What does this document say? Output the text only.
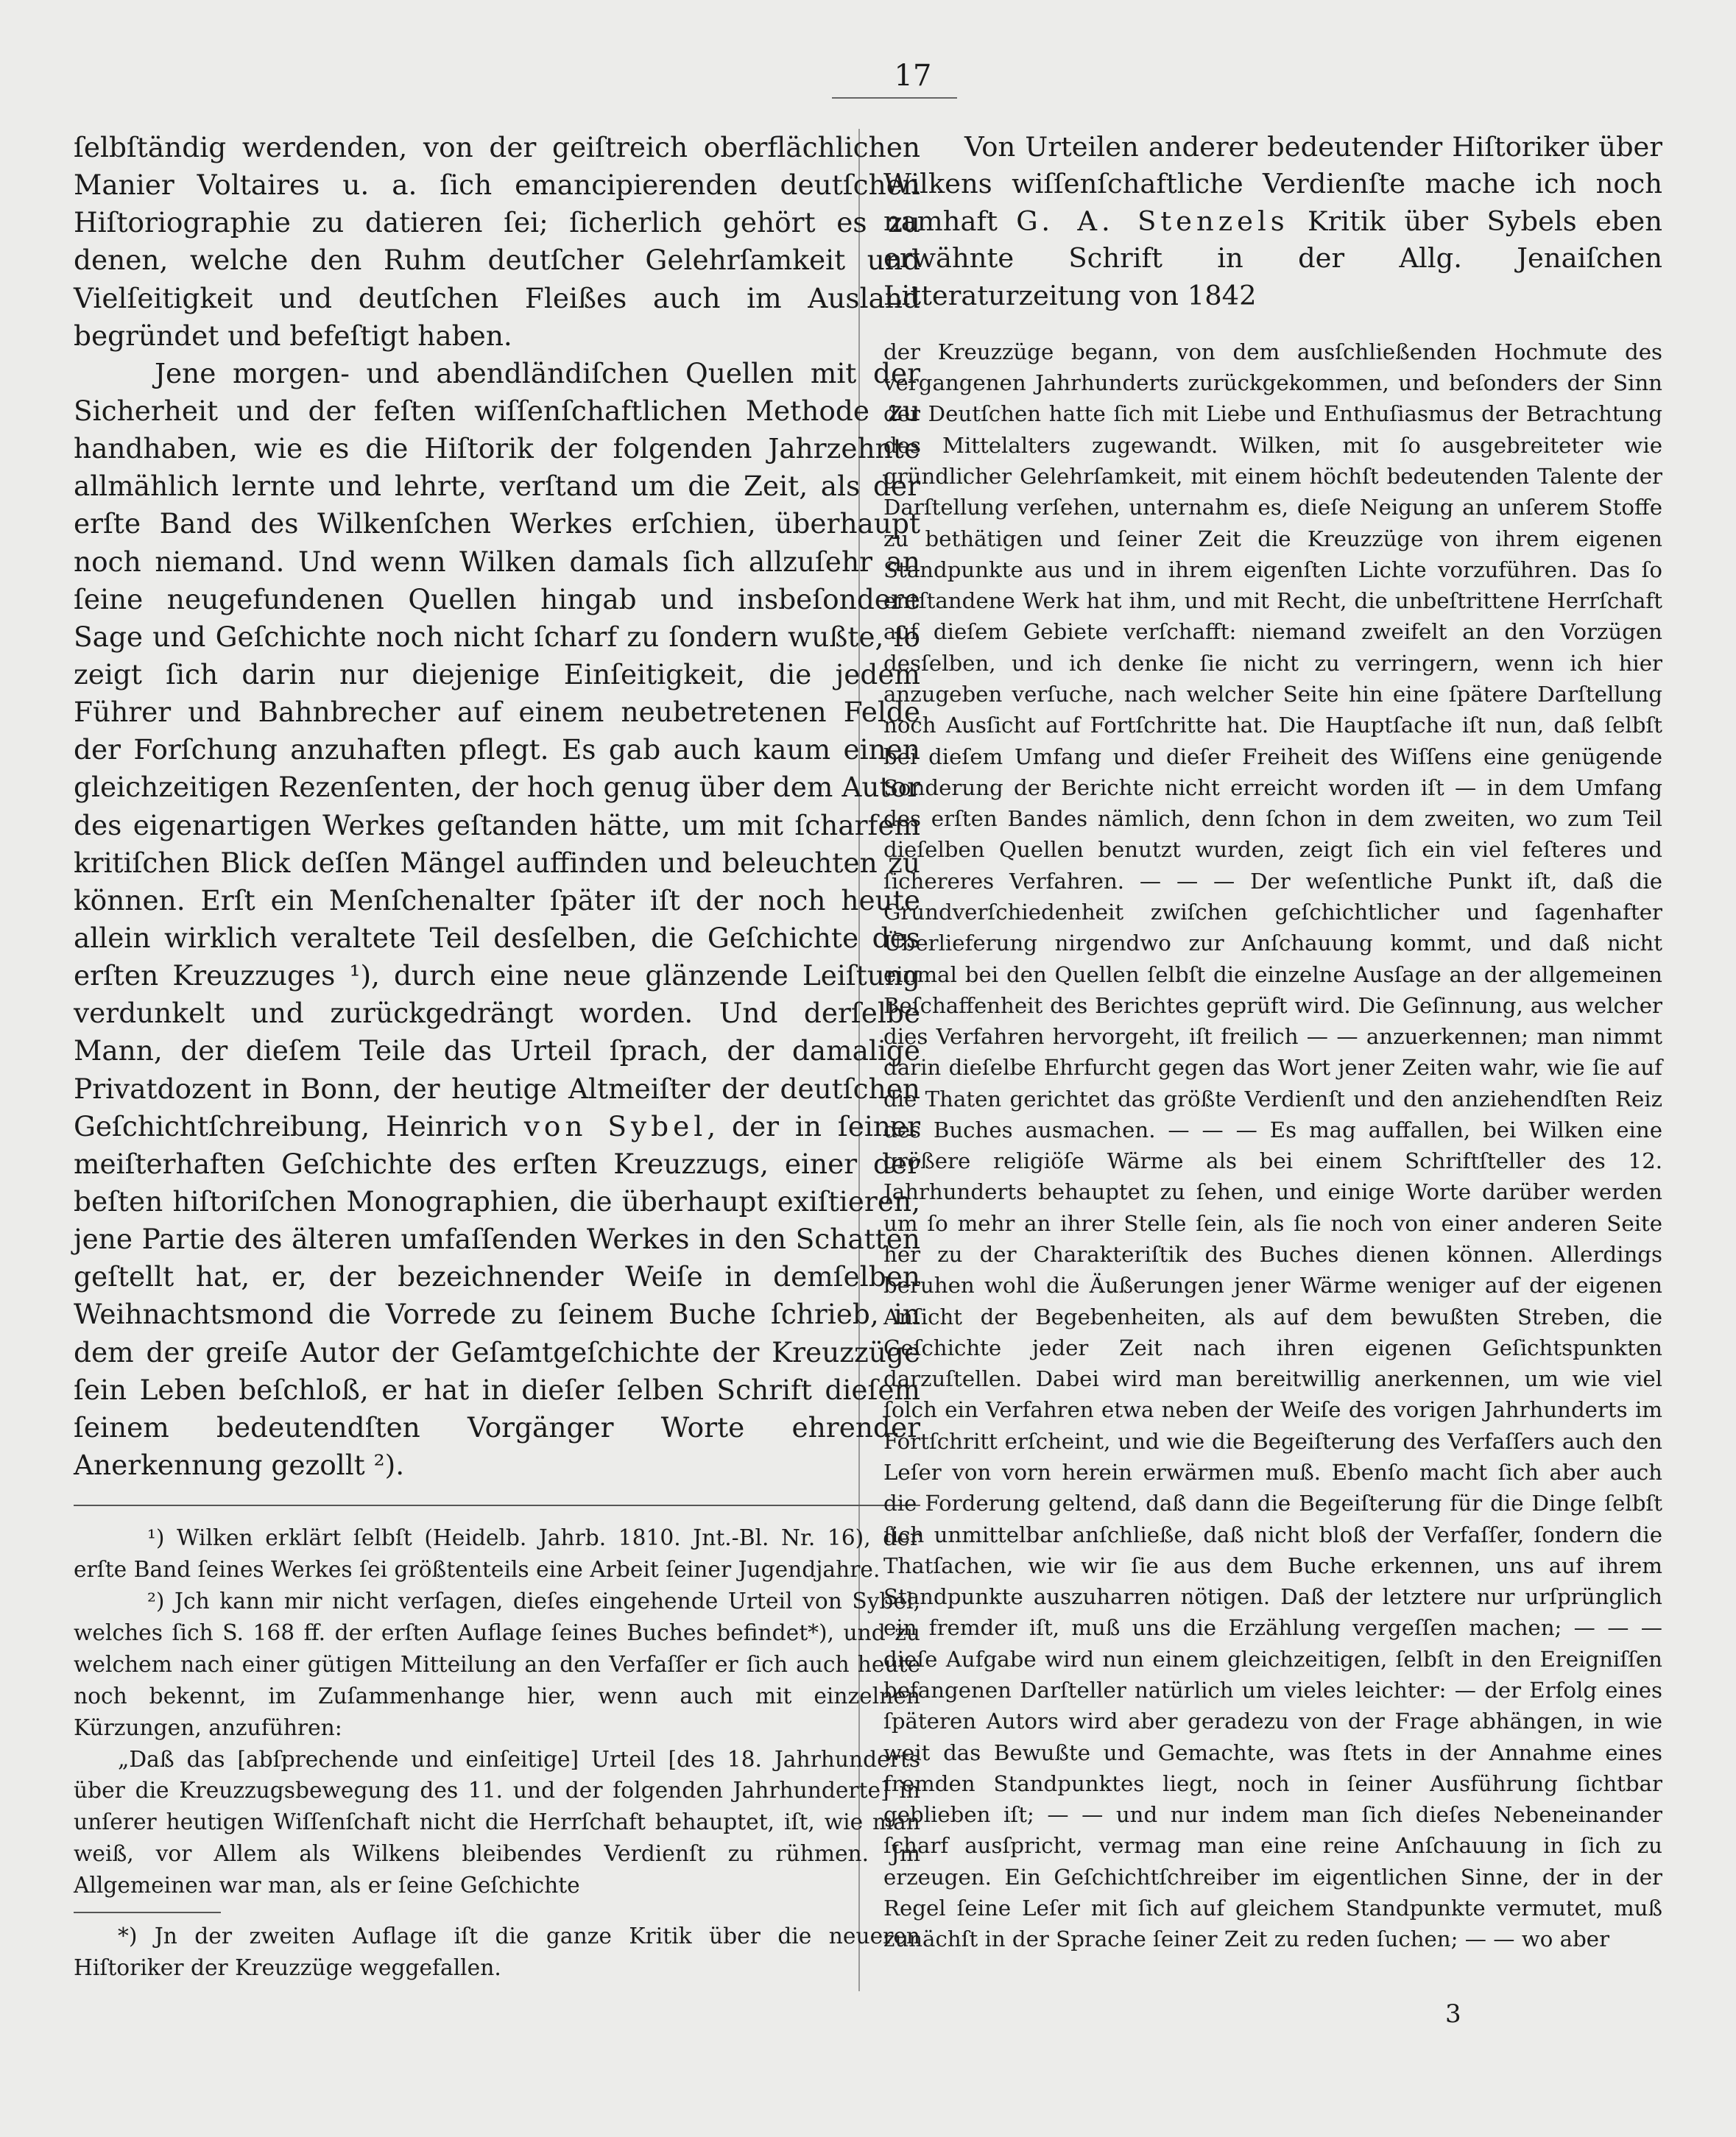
17

ſelbſtändig werdenden, von der geiſtreich oberflächlichen Manier Voltaires u. a. ſich emancipierenden deutſchen Hiſtoriographie zu datieren ſei; ſicherlich gehört es zu denen, welche den Ruhm deutſcher Gelehrſamkeit und Vielſeitigkeit und deutſchen Fleißes auch im Ausland begründet und befeſtigt haben.

Jene morgen- und abendländiſchen Quellen mit der Sicherheit und der feſten wiſſenſchaftlichen Methode zu handhaben, wie es die Hiſtorik der folgenden Jahrzehnte allmählich lernte und lehrte, verſtand um die Zeit, als der erſte Band des Wilkenſchen Werkes erſchien, überhaupt noch niemand. Und wenn Wilken damals ſich allzuſehr an ſeine neugefundenen Quellen hingab und insbeſondere Sage und Geſchichte noch nicht ſcharf zu ſondern wußte, ſo zeigt ſich darin nur diejenige Einſeitigkeit, die jedem Führer und Bahnbrecher auf einem neubetretenen Felde der Forſchung anzuhaften pflegt. Es gab auch kaum einen gleichzeitigen Rezenſenten, der hoch genug über dem Autor des eigenartigen Werkes geſtanden hätte, um mit ſcharfem kritiſchen Blick deſſen Mängel auffinden und beleuchten zu können. Erſt ein Menſchenalter ſpäter iſt der noch heute allein wirklich veraltete Teil desſelben, die Geſchichte des erſten Kreuzzuges ¹), durch eine neue glänzende Leiſtung verdunkelt und zurückgedrängt worden. Und derſelbe Mann, der dieſem Teile das Urteil ſprach, der damalige Privatdozent in Bonn, der heutige Altmeiſter der deutſchen Geſchichtſchreibung, Heinrich von Sybel, der in ſeiner meiſterhaften Geſchichte des erſten Kreuzzugs, einer der beſten hiſtoriſchen Monographien, die überhaupt exiſtieren, jene Partie des älteren umfaſſenden Werkes in den Schatten geſtellt hat, er, der bezeichnender Weiſe in demſelben Weihnachtsmond die Vorrede zu ſeinem Buche ſchrieb, in dem der greiſe Autor der Geſamtgeſchichte der Kreuzzüge ſein Leben beſchloß, er hat in dieſer ſelben Schrift dieſem ſeinem bedeutendſten Vorgänger Worte ehrender Anerkennung gezollt ²).

¹) Wilken erklärt ſelbſt (Heidelb. Jahrb. 1810. Jnt.-Bl. Nr. 16), der erſte Band ſeines Werkes ſei größtenteils eine Arbeit ſeiner Jugendjahre.

²) Jch kann mir nicht verſagen, dieſes eingehende Urteil von Sybel, welches ſich S. 168 ff. der erſten Auflage ſeines Buches befindet*), und zu welchem nach einer gütigen Mitteilung an den Verfaſſer er ſich auch heute noch bekennt, im Zuſammenhange hier, wenn auch mit einzelnen Kürzungen, anzuführen:

„Daß das [abſprechende und einſeitige] Urteil [des 18. Jahrhunderts über die Kreuzzugsbewegung des 11. und der folgenden Jahrhunderte] in unſerer heutigen Wiſſenſchaft nicht die Herrſchaft behauptet, iſt, wie man weiß, vor Allem als Wilkens bleibendes Verdienſt zu rühmen. Jm Allgemeinen war man, als er ſeine Geſchichte

*) Jn der zweiten Auflage iſt die ganze Kritik über die neueren Hiſtoriker der Kreuzzüge weggefallen.

Von Urteilen anderer bedeutender Hiſtoriker über Wilkens wiſſenſchaftliche Verdienſte mache ich noch namhaft G. A. Stenzels Kritik über Sybels eben erwähnte Schrift in der Allg. Jenaiſchen Litteraturzeitung von 1842

der Kreuzzüge begann, von dem ausſchließenden Hochmute des vergangenen Jahrhunderts zurückgekommen, und beſonders der Sinn der Deutſchen hatte ſich mit Liebe und Enthuſiasmus der Betrachtung des Mittelalters zugewandt. Wilken, mit ſo ausgebreiteter wie gründlicher Gelehrſamkeit, mit einem höchſt bedeutenden Talente der Darſtellung verſehen, unternahm es, dieſe Neigung an unſerem Stoffe zu bethätigen und ſeiner Zeit die Kreuzzüge von ihrem eigenen Standpunkte aus und in ihrem eigenſten Lichte vorzuführen. Das ſo entſtandene Werk hat ihm, und mit Recht, die unbeſtrittene Herrſchaft auf dieſem Gebiete verſchafft: niemand zweifelt an den Vorzügen desſelben, und ich denke ſie nicht zu verringern, wenn ich hier anzugeben verſuche, nach welcher Seite hin eine ſpätere Darſtellung noch Ausſicht auf Fortſchritte hat. Die Hauptſache iſt nun, daß ſelbſt bei dieſem Umfang und dieſer Freiheit des Wiſſens eine genügende Sonderung der Berichte nicht erreicht worden iſt — in dem Umfang des erſten Bandes nämlich, denn ſchon in dem zweiten, wo zum Teil dieſelben Quellen benutzt wurden, zeigt ſich ein viel feſteres und ſichereres Verfahren. — — — Der weſentliche Punkt iſt, daß die Grundverſchiedenheit zwiſchen geſchichtlicher und ſagenhafter Überlieferung nirgendwo zur Anſchauung kommt, und daß nicht einmal bei den Quellen ſelbſt die einzelne Ausſage an der allgemeinen Beſchaffenheit des Berichtes geprüft wird. Die Geſinnung, aus welcher dies Verfahren hervorgeht, iſt freilich — — anzuerkennen; man nimmt darin dieſelbe Ehrfurcht gegen das Wort jener Zeiten wahr, wie ſie auf die Thaten gerichtet das größte Verdienſt und den anziehendſten Reiz des Buches ausmachen. — — — Es mag auffallen, bei Wilken eine größere religiöſe Wärme als bei einem Schriftſteller des 12. Jahrhunderts behauptet zu ſehen, und einige Worte darüber werden um ſo mehr an ihrer Stelle ſein, als ſie noch von einer anderen Seite her zu der Charakteriſtik des Buches dienen können. Allerdings beruhen wohl die Äußerungen jener Wärme weniger auf der eigenen Anſicht der Begebenheiten, als auf dem bewußten Streben, die Geſchichte jeder Zeit nach ihren eigenen Geſichtspunkten darzuſtellen. Dabei wird man bereitwillig anerkennen, um wie viel ſolch ein Verfahren etwa neben der Weiſe des vorigen Jahrhunderts im Fortſchritt erſcheint, und wie die Begeiſterung des Verfaſſers auch den Leſer von vorn herein erwärmen muß. Ebenſo macht ſich aber auch die Forderung geltend, daß dann die Begeiſterung für die Dinge ſelbſt ſich unmittelbar anſchließe, daß nicht bloß der Verfaſſer, ſondern die Thatſachen, wie wir ſie aus dem Buche erkennen, uns auf ihrem Standpunkte auszuharren nötigen. Daß der letztere nur urſprünglich ein fremder iſt, muß uns die Erzählung vergeſſen machen; — — — dieſe Aufgabe wird nun einem gleichzeitigen, ſelbſt in den Ereigniſſen befangenen Darſteller natürlich um vieles leichter: — der Erfolg eines ſpäteren Autors wird aber geradezu von der Frage abhängen, in wie weit das Bewußte und Gemachte, was ſtets in der Annahme eines fremden Standpunktes liegt, noch in ſeiner Ausführung ſichtbar geblieben iſt; — — und nur indem man ſich dieſes Nebeneinander ſcharf ausſpricht, vermag man eine reine Anſchauung in ſich zu erzeugen. Ein Geſchichtſchreiber im eigentlichen Sinne, der in der Regel ſeine Leſer mit ſich auf gleichem Standpunkte vermutet, muß zunächſt in der Sprache ſeiner Zeit zu reden ſuchen; — — wo aber

3
